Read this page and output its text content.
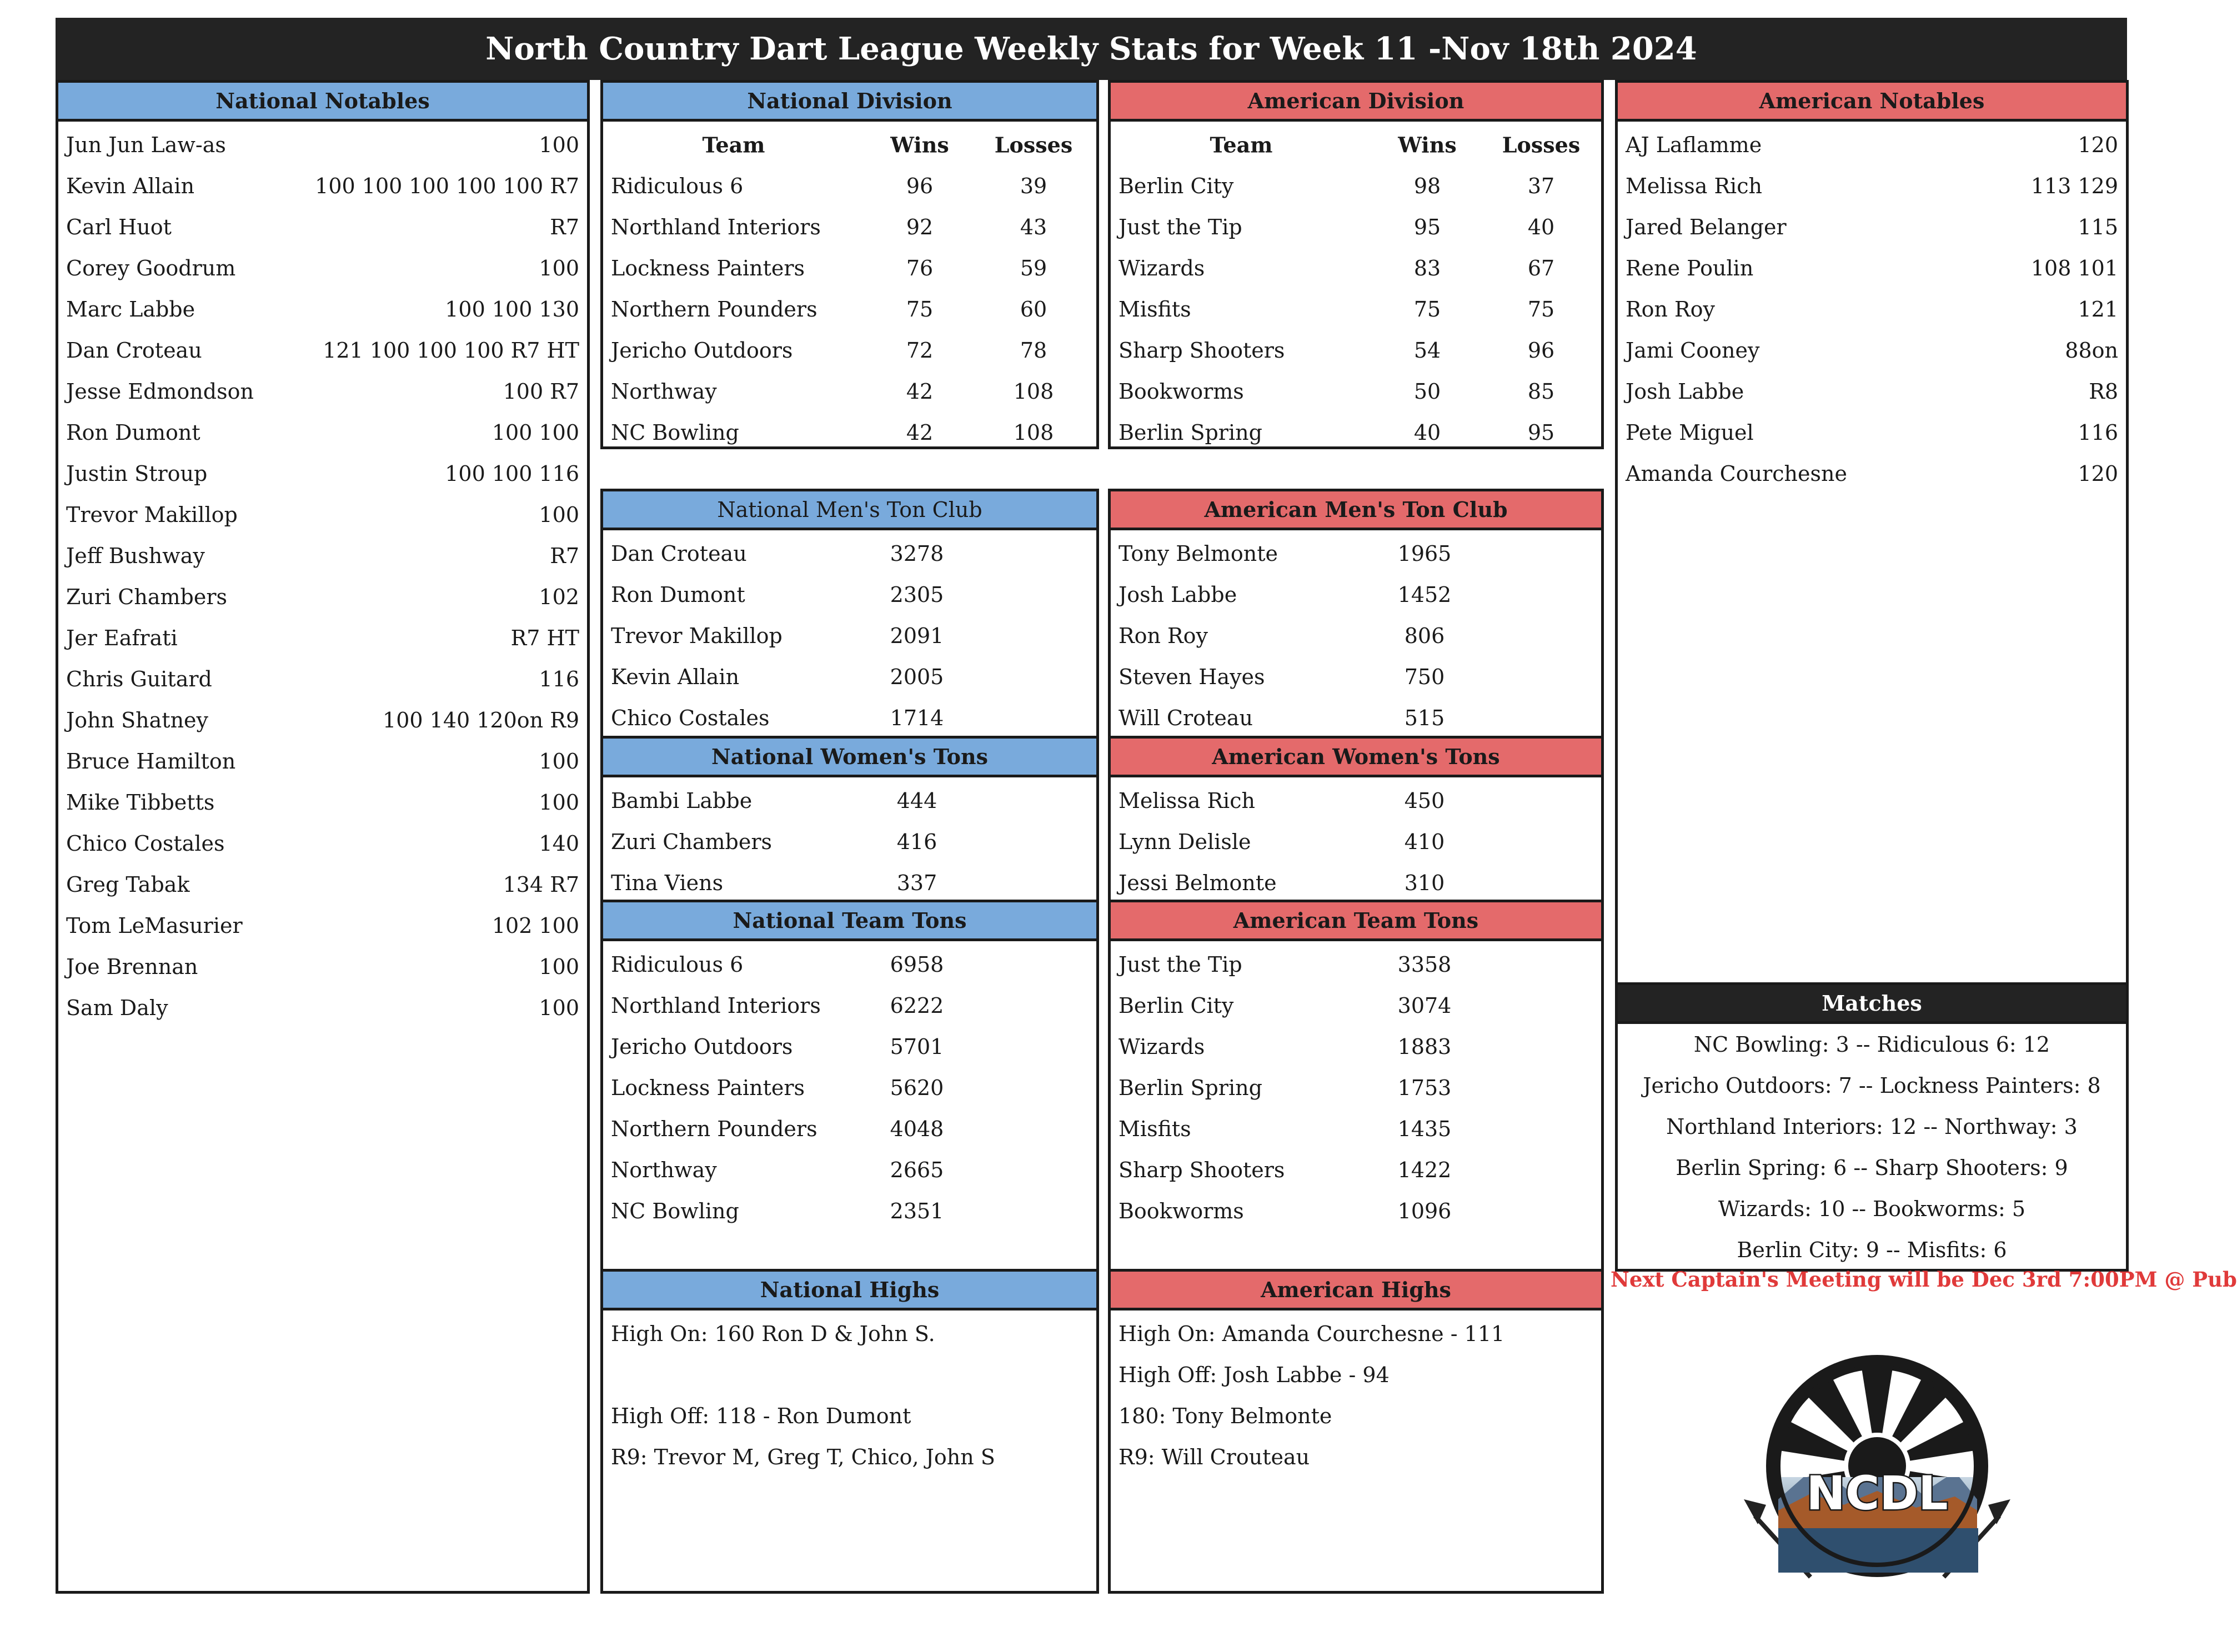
North Country Dart League Weekly Stats for Week 11 -Nov 18th 2024
National Notables
Jun Jun Law-as	100
Kevin Allain	100 100 100 100 100 R7
Carl Huot	R7
Corey Goodrum	100
Marc Labbe	100 100 130
Dan Croteau	121 100 100 100 R7 HT
Jesse Edmondson	100 R7
Ron Dumont	100 100
Justin Stroup	100 100 116
Trevor Makillop	100
Jeff Bushway	R7
Zuri Chambers	102
Jer Eafrati	R7 HT
Chris Guitard	116
John Shatney	100 140 120on R9
Bruce Hamilton	100
Mike Tibbetts	100
Chico Costales	140
Greg Tabak	134 R7
Tom LeMasurier	102 100
Joe Brennan	100
Sam Daly	100
National Division
Team	Wins Losses
Ridiculous 6	96	39
Northland Interiors	92	43
Lockness Painters	76	59
Northern Pounders	75	60
Jericho Outdoors	72	78
Northway	42	108
NC Bowling	42	108
American Division
Team	Wins Losses
Berlin City	98	37
Just the Tip	95	40
Wizards	83	67
Misfits	75	75
Sharp Shooters	54	96
Bookworms	50	85
Berlin Spring	40	95
American Notables
AJ Laflamme	120
Melissa Rich	113 129
Jared Belanger	115
Rene Poulin	108 101
Ron Roy	121
Jami Cooney	88on
Josh Labbe	R8
Pete Miguel	116
Amanda Courchesne	120
Matches
NC Bowling: 3 -- Ridiculous 6: 12
Jericho Outdoors: 7 -- Lockness Painters: 8
Northland Interiors: 12 -- Northway: 3
Berlin Spring: 6 -- Sharp Shooters: 9
Wizards: 10 -- Bookworms: 5
Berlin City: 9 -- Misfits: 6
National Men's Ton Club
Dan Croteau	3278
Ron Dumont	2305
Trevor Makillop	2091
Kevin Allain	2005
Chico Costales	1714
American Men's Ton Club
Tony Belmonte	1965
Josh Labbe	1452
Ron Roy	806
Steven Hayes	750
Will Croteau	515
National Women's Tons
Bambi Labbe	444
Zuri Chambers	416
Tina Viens	337
American Women's Tons
Melissa Rich	450
Lynn Delisle	410
Jessi Belmonte	310
National Team Tons
Ridiculous 6	6958
Northland Interiors	6222
Jericho Outdoors	5701
Lockness Painters	5620
Northern Pounders	4048
Northway	2665
NC Bowling	2351
American Team Tons
Just the Tip	3358
Berlin City	3074
Wizards	1883
Berlin Spring	1753
Misfits	1435
Sharp Shooters	1422
Bookworms	1096
National Highs
High On: 160 Ron D & John S.
High Off: 118 - Ron Dumont
R9: Trevor M, Greg T, Chico, John S
American Highs
High On: Amanda Courchesne - 111
High Off: Josh Labbe - 94
180: Tony Belmonte
R9: Will Crouteau
Next Captain's Meeting will be Dec 3rd 7:00PM @ Pub
NCDL
